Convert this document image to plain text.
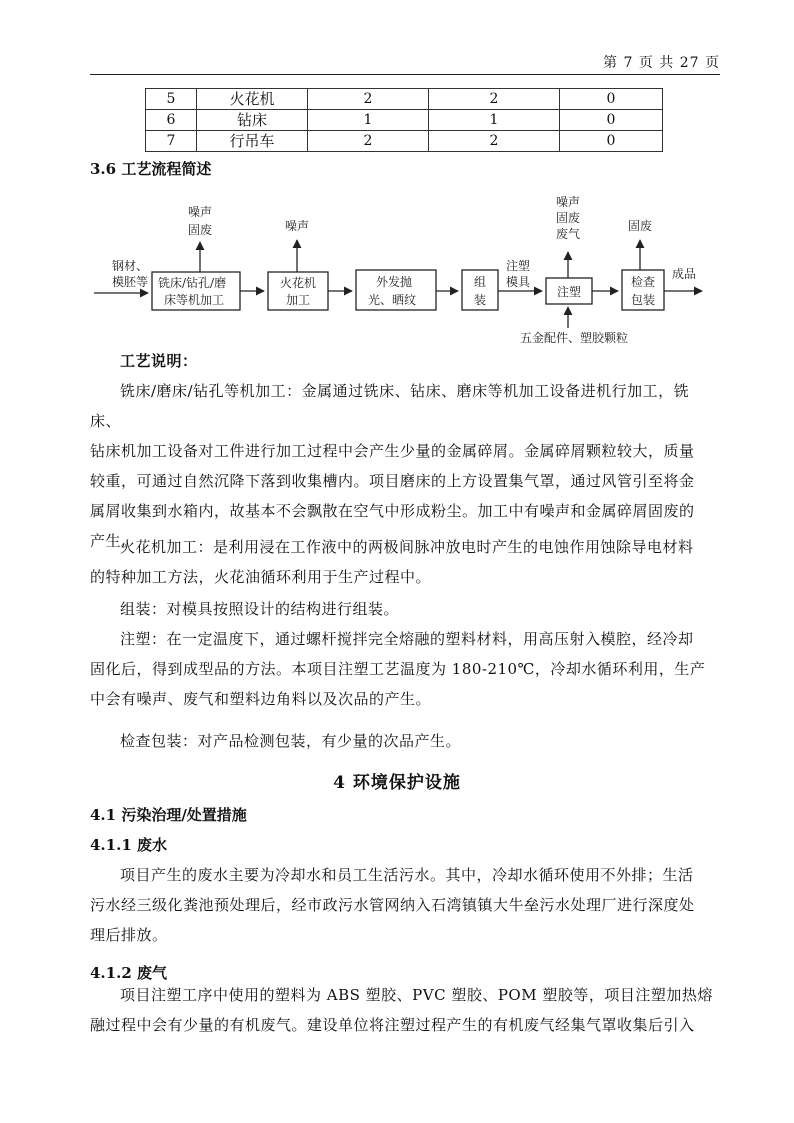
第 7 页 共 27 页
5	火花机	2	2	0
6	钻床	1	1	0
7	行吊车	2	2	0
3.6 工艺流程简述
钢材、
模胚等 铣床/钻孔/磨
床等机加工
噪声
固废
火花机
加工
噪声
外发抛
光、晒纹
组
装
注塑
模具
注塑
噪声
固废
废气
五金配件、塑胶颗粒
检查
包装
固废
成品
工艺说明：
铣床/磨床/钻孔等机加工：金属通过铣床、钻床、磨床等机加工设备进机行加工，铣床、
钻床机加工设备对工件进行加工过程中会产生少量的金属碎屑。金属碎屑颗粒较大，质量
较重，可通过自然沉降下落到收集槽内。项目磨床的上方设置集气罩，通过风管引至将金
属屑收集到水箱内，故基本不会飘散在空气中形成粉尘。加工中有噪声和金属碎屑固废的
产生。
火花机加工：是利用浸在工作液中的两极间脉冲放电时产生的电蚀作用蚀除导电材料
的特种加工方法，火花油循环利用于生产过程中。
组装：对模具按照设计的结构进行组装。
注塑：在一定温度下，通过螺杆搅拌完全熔融的塑料材料，用高压射入模腔，经冷却
固化后，得到成型品的方法。本项目注塑工艺温度为 180-210℃，冷却水循环利用，生产
中会有噪声、废气和塑料边角料以及次品的产生。
检查包装：对产品检测包装，有少量的次品产生。
4 环境保护设施
4.1 污染治理/处置措施
4.1.1 废水
项目产生的废水主要为冷却水和员工生活污水。其中，冷却水循环使用不外排；生活
污水经三级化粪池预处理后，经市政污水管网纳入石湾镇镇大牛垒污水处理厂进行深度处
理后排放。
4.1.2 废气
项目注塑工序中使用的塑料为 ABS 塑胶、PVC 塑胶、POM 塑胶等，项目注塑加热熔
融过程中会有少量的有机废气。建设单位将注塑过程产生的有机废气经集气罩收集后引入
